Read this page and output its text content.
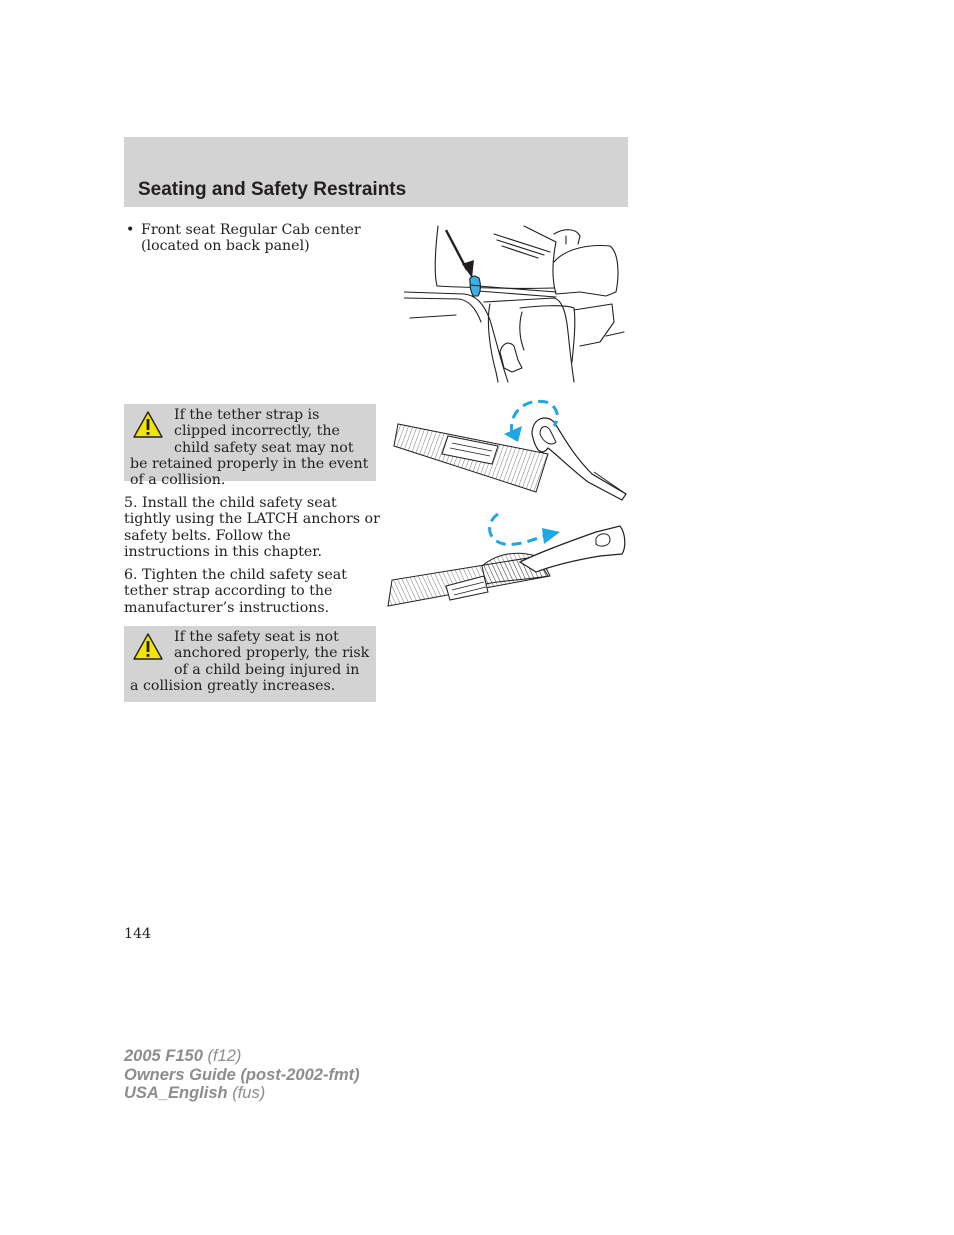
Seating and Safety Restraints
• Front seat Regular Cab center (located on back panel)
If the tether strap is clipped incorrectly, the child safety seat may not be retained properly in the event of a collision.

5. Install the child safety seat tightly using the LATCH anchors or safety belts. Follow the instructions in this chapter.

6. Tighten the child safety seat tether strap according to the manufacturer’s instructions.

If the safety seat is not anchored properly, the risk of a child being injured in a collision greatly increases.
144
2005 F150 (f12)
Owners Guide (post-2002-fmt)
USA_English (fus)
